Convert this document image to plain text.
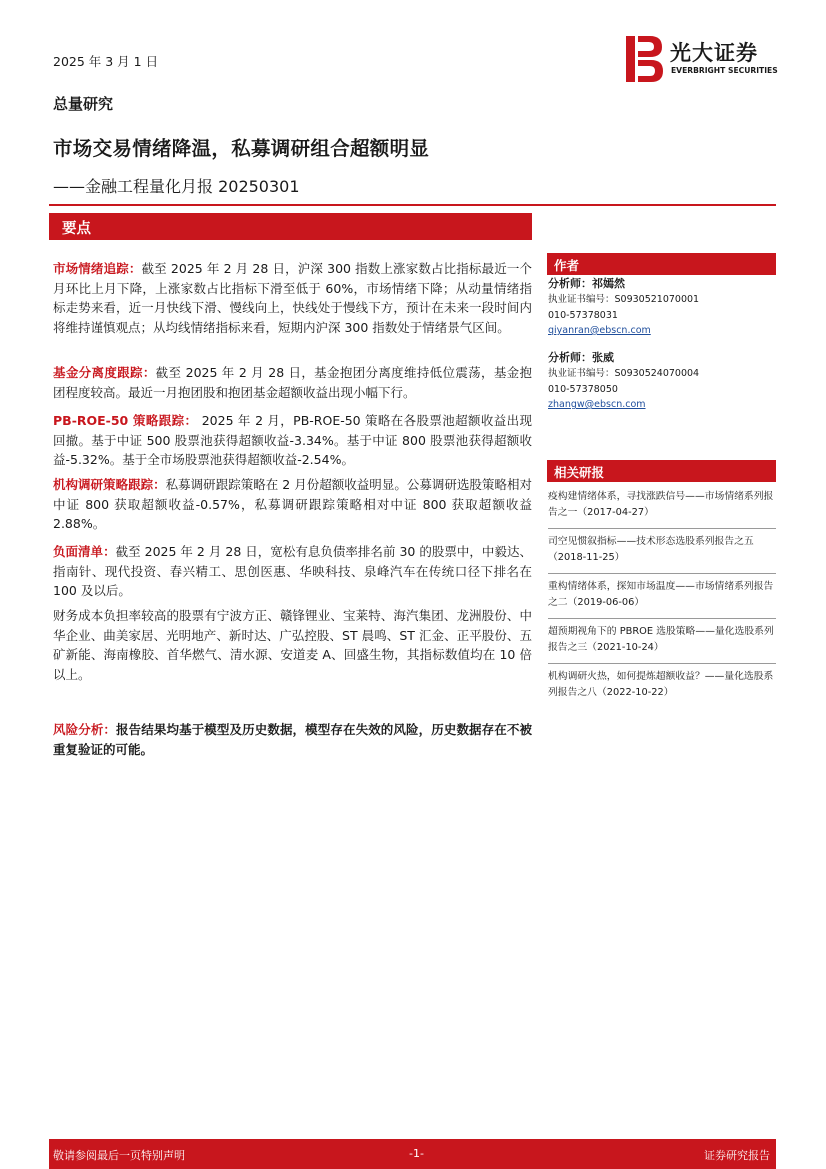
2025 年 3 月 1 日
总量研究
市场交易情绪降温，私募调研组合超额明显
——金融工程量化月报 20250301
光大证券
EVERBRIGHT SECURITIES
要点
市场情绪追踪：截至 2025 年 2 月 28 日，沪深 300 指数上涨家数占比指标最近一个月环比上月下降，上涨家数占比指标下滑至低于 60%，市场情绪下降；从动量情绪指标走势来看，近一月快线下滑、慢线向上，快线处于慢线下方，预计在未来一段时间内将维持谨慎观点；从均线情绪指标来看，短期内沪深 300 指数处于情绪景气区间。
基金分离度跟踪：截至 2025 年 2 月 28 日，基金抱团分离度维持低位震荡，基金抱团程度较高。最近一月抱团股和抱团基金超额收益出现小幅下行。
PB-ROE-50 策略跟踪： 2025 年 2 月，PB-ROE-50 策略在各股票池超额收益出现回撤。基于中证 500 股票池获得超额收益-3.34%。基于中证 800 股票池获得超额收益-5.32%。基于全市场股票池获得超额收益-2.54%。
机构调研策略跟踪：私募调研跟踪策略在 2 月份超额收益明显。公募调研选股策略相对中证 800 获取超额收益-0.57%，私募调研跟踪策略相对中证 800 获取超额收益 2.88%。
负面清单：截至 2025 年 2 月 28 日，宽松有息负债率排名前 30 的股票中，中毅达、指南针、现代投资、春兴精工、思创医惠、华映科技、泉峰汽车在传统口径下排名在 100 及以后。
财务成本负担率较高的股票有宁波方正、赣锋锂业、宝莱特、海汽集团、龙洲股份、中华企业、曲美家居、光明地产、新时达、广弘控股、ST 晨鸣、ST 汇金、正平股份、五矿新能、海南橡胶、首华燃气、清水源、安道麦 A、回盛生物，其指标数值均在 10 倍以上。
风险分析：报告结果均基于模型及历史数据，模型存在失效的风险，历史数据存在不被重复验证的可能。
作者
分析师：祁嫣然
执业证书编号：S0930521070001
010-57378031
qiyanran@ebscn.com
分析师：张威
执业证书编号：S0930524070004
010-57378050
zhangw@ebscn.com
相关研报
疫构建情绪体系，寻找涨跌信号——市场情绪系列报告之一（2017-04-27）
司空见惯叙指标——技术形态选股系列报告之五（2018-11-25）
重构情绪体系，探知市场温度——市场情绪系列报告之二（2019-06-06）
超预期视角下的 PBROE 选股策略——量化选股系列报告之三（2021-10-24）
机构调研火热，如何提炼超额收益？——量化选股系列报告之八（2022-10-22）
敬请参阅最后一页特别声明	-1-	证券研究报告
